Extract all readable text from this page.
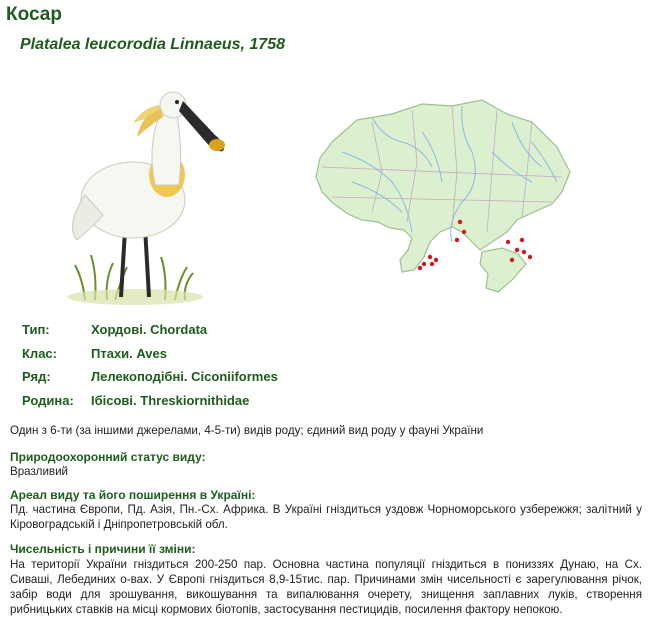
Косар
Platalea leucorodia Linnaeus, 1758
Тип:	Хордові. Chordata
Клас:	Птахи. Aves
Ряд:	Лелекоподібні. Ciconiiformes
Родина:	Ібісові. Threskiornithidae
Один з 6-ти (за іншими джерелами, 4-5-ти) видів роду; єдиний вид роду у фауні України
Природоохоронний статус виду:
Вразливий
Ареал виду та його поширення в Україні:
Пд. частина Європи, Пд. Азія, Пн.-Сх. Африка. В Україні гніздиться уздовж Чорноморського узбережжя; залітний у Кіровоградській і Дніпропетровській обл.
Чисельність і причини її зміни:
На території України гніздиться 200-250 пар. Основна частина популяції гніздиться в пониззях Дунаю, на Сх. Сиваші, Лебединих о-вах. У Європі гніздиться 8,9-15тис. пар. Причинами змін чисельності є зарегулювання річок, забір води для зрошування, викошування та випалювання очерету, знищення заплавних луків, створення рибницьких ставків на місці кормових біотопів, застосування пестицидів, посилення фактору непокою.
